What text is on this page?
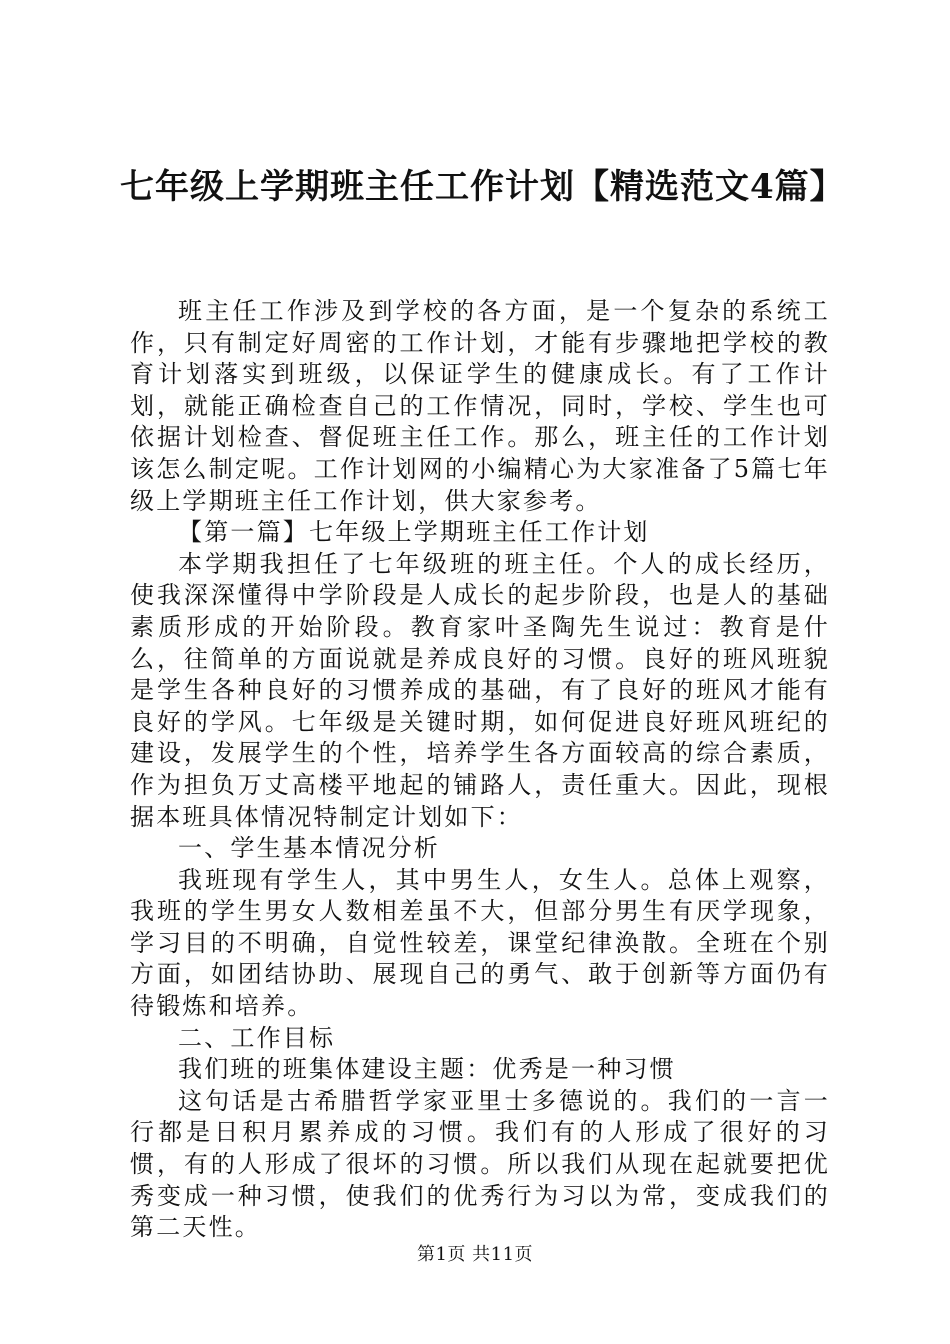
七年级上学期班主任工作计划【精选范文4篇】

班主任工作涉及到学校的各方面，是一个复杂的系统工作，只有制定好周密的工作计划，才能有步骤地把学校的教育计划落实到班级，以保证学生的健康成长。有了工作计划，就能正确检查自己的工作情况，同时，学校、学生也可依据计划检查、督促班主任工作。那么，班主任的工作计划该怎么制定呢。工作计划网的小编精心为大家准备了5篇七年级上学期班主任工作计划，供大家参考。

【第一篇】七年级上学期班主任工作计划

本学期我担任了七年级班的班主任。个人的成长经历，使我深深懂得中学阶段是人成长的起步阶段，也是人的基础素质形成的开始阶段。教育家叶圣陶先生说过：教育是什么，往简单的方面说就是养成良好的习惯。良好的班风班貌是学生各种良好的习惯养成的基础，有了良好的班风才能有良好的学风。七年级是关键时期，如何促进良好班风班纪的建设，发展学生的个性，培养学生各方面较高的综合素质，作为担负万丈高楼平地起的铺路人，责任重大。因此，现根据本班具体情况特制定计划如下：

一、学生基本情况分析

我班现有学生人，其中男生人，女生人。总体上观察，我班的学生男女人数相差虽不大，但部分男生有厌学现象，学习目的不明确，自觉性较差，课堂纪律涣散。全班在个别方面，如团结协助、展现自己的勇气、敢于创新等方面仍有待锻炼和培养。

二、工作目标

我们班的班集体建设主题：优秀是一种习惯

这句话是古希腊哲学家亚里士多德说的。我们的一言一行都是日积月累养成的习惯。我们有的人形成了很好的习惯，有的人形成了很坏的习惯。所以我们从现在起就要把优秀变成一种习惯，使我们的优秀行为习以为常，变成我们的第二天性。

第1页 共11页
